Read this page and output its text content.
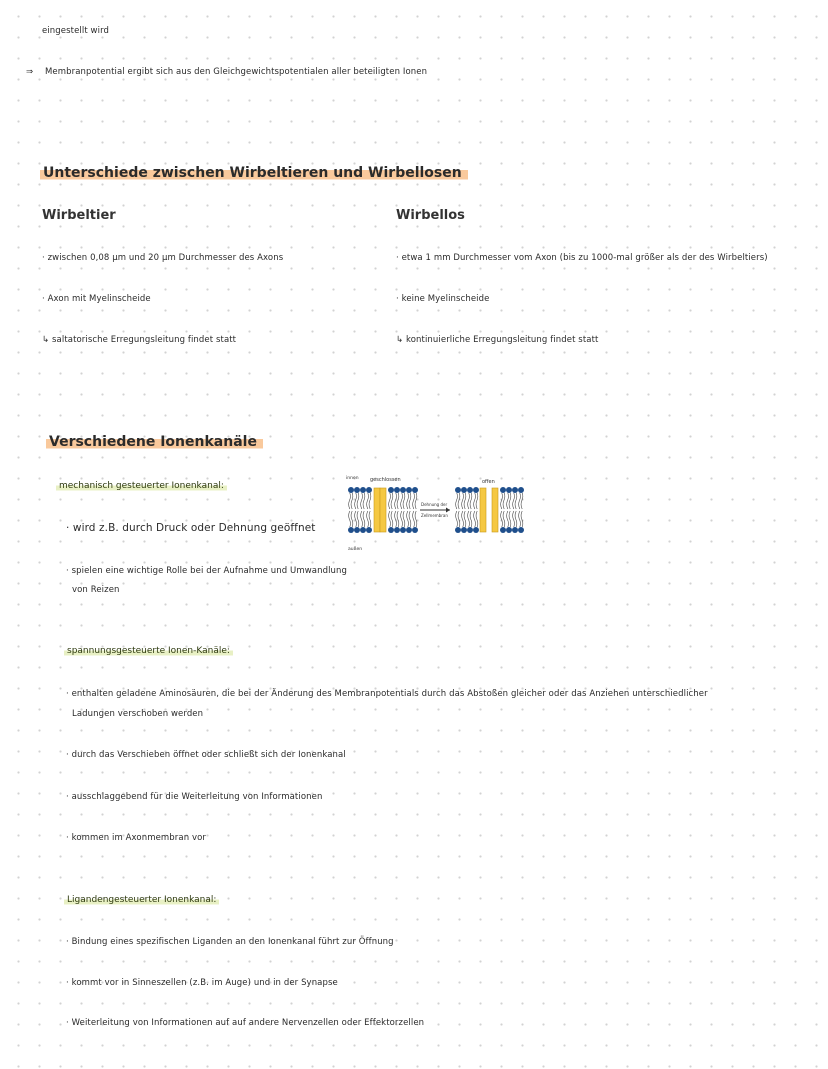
eingestellt wird
⇒ Membranpotential ergibt sich aus den Gleichgewichtspotentialen aller beteiligten Ionen
Unterschiede zwischen Wirbeltieren und Wirbellosen
Wirbeltier	Wirbellos
· zwischen 0,08 µm und 20 µm Durchmesser des Axons
· Axon mit Myelinscheide
↳ saltatorische Erregungsleitung findet statt
· etwa 1 mm Durchmesser vom Axon (bis zu 1000-mal größer als der des Wirbeltiers)
· keine Myelinscheide
↳ kontinuierliche Erregungsleitung findet statt
Verschiedene Ionenkanäle
mechanisch gesteuerter Ionenkanal:
· wird z.B. durch Druck oder Dehnung geöffnet
· spielen eine wichtige Rolle bei der Aufnahme und Umwandlung
von Reizen
innen geschlossen	offen
Dehnung der
Zellmembran
außen
spannungsgesteuerte Ionen-Kanäle:
· enthalten geladene Aminosäuren, die bei der Änderung des Membranpotentials durch das Abstoßen gleicher oder das Anziehen unterschiedlicher
Ladungen verschoben werden
· durch das Verschieben öffnet oder schließt sich der Ionenkanal
· ausschlaggebend für die Weiterleitung von Informationen
· kommen im Axonmembran vor
Ligandengesteuerter Ionenkanal:
· Bindung eines spezifischen Liganden an den Ionenkanal führt zur Öffnung
· kommt vor in Sinneszellen (z.B. im Auge) und in der Synapse
· Weiterleitung von Informationen auf auf andere Nervenzellen oder Effektorzellen
